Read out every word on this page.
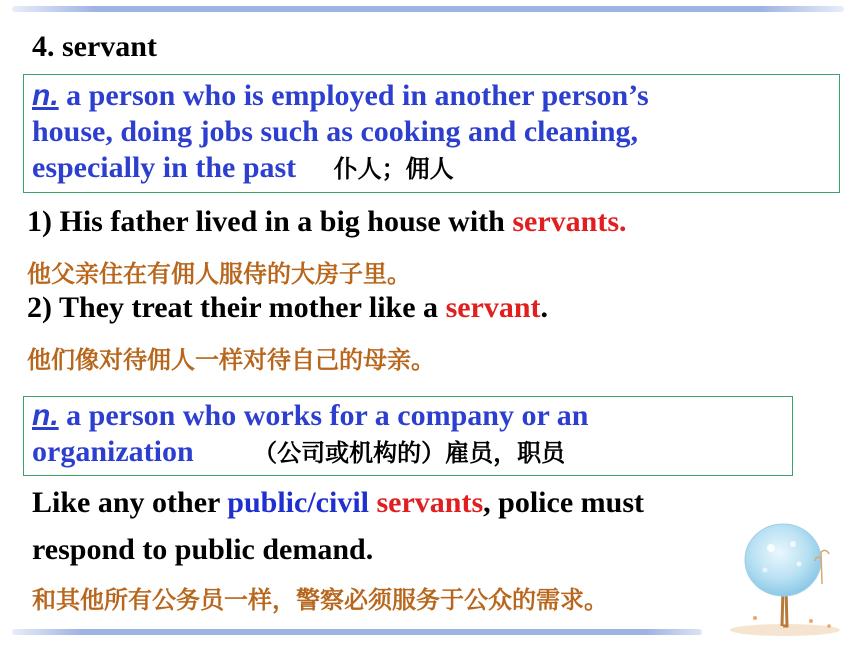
4. servant
n. a person who is employed in another person’s
house, doing jobs such as cooking and cleaning,
especially in the past 仆人；佣人
1) His father lived in a big house with servants.
他父亲住在有佣人服侍的大房子里。
2) They treat their mother like a servant.
他们像对待佣人一样对待自己的母亲。
n. a person who works for a company or an
organization （公司或机构的）雇员，职员
Like any other public/civil servants, police must
respond to public demand.
和其他所有公务员一样，警察必须服务于公众的需求。
